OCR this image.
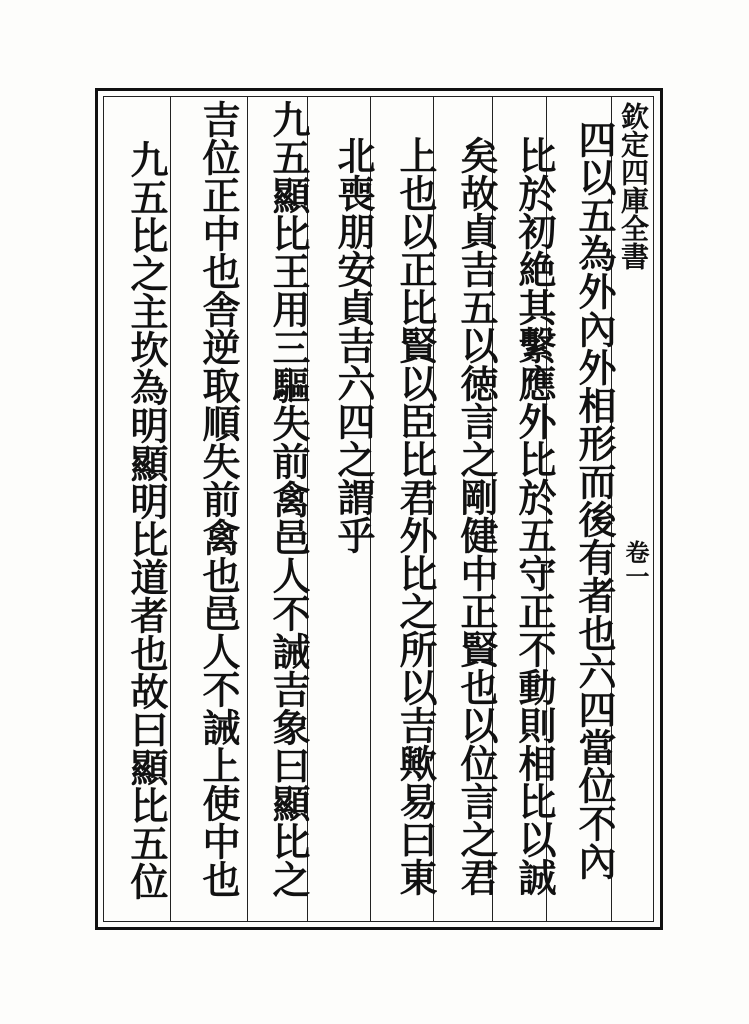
欽定四庫全書
卷一
四以五為外內外相形而後有者也六四當位不內
比於初絶其繫應外比於五守正不動則相比以誠
矣故貞吉五以徳言之剛健中正賢也以位言之君
上也以正比賢以臣比君外比之所以吉歟易曰東
北喪朋安貞吉六四之謂乎
九五顯比王用三驅失前禽邑人不誡吉象曰顯比之
吉位正中也舎逆取順失前禽也邑人不誡上使中也
九五比之主坎為明顯明比道者也故曰顯比五位
